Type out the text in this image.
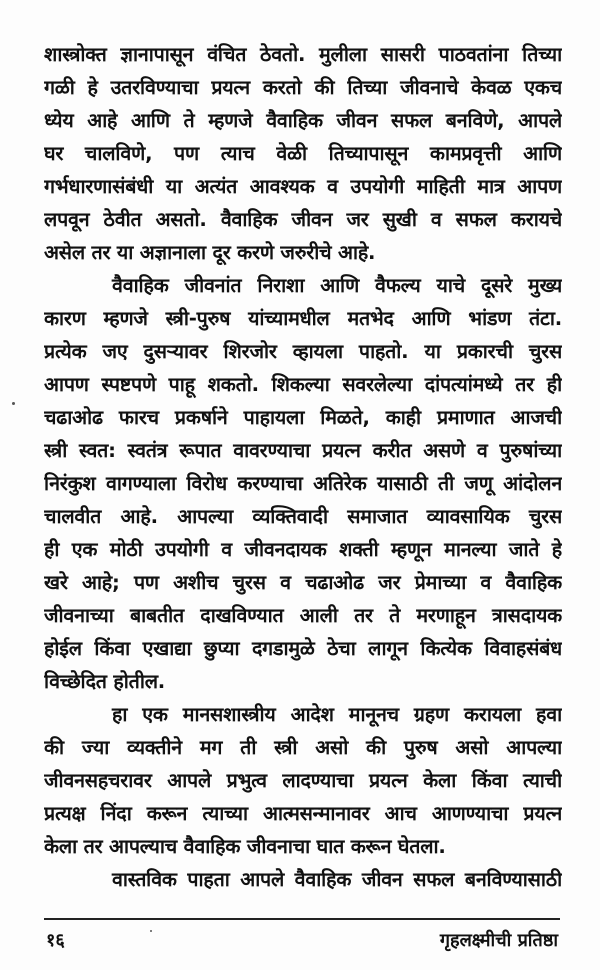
शास्त्रोक्त ज्ञानापासून वंचित ठेवतो. मुलीला सासरी पाठवतांना तिच्या
गळी हे उतरविण्याचा प्रयत्न करतो की तिच्या जीवनाचे केवळ एकच
ध्येय आहे आणि ते म्हणजे वैवाहिक जीवन सफल बनविणे, आपले
घर चालविणे, पण त्याच वेळी तिच्यापासून कामप्रवृत्ती आणि
गर्भधारणासंबंधी या अत्यंत आवश्यक व उपयोगी माहिती मात्र आपण
लपवून ठेवीत असतो. वैवाहिक जीवन जर सुखी व सफल करायचे
असेल तर या अज्ञानाला दूर करणे जरुरीचे आहे.
वैवाहिक जीवनांत निराशा आणि वैफल्य याचे दूसरे मुख्य
कारण म्हणजे स्त्री-पुरुष यांच्यामधील मतभेद आणि भांडण तंटा.
प्रत्येक जए दुसऱ्यावर शिरजोर व्हायला पाहतो. या प्रकारची चुरस
आपण स्पष्टपणे पाहू शकतो. शिकल्या सवरलेल्या दांपत्यांमध्ये तर ही
चढाओढ फारच प्रकर्षाने पाहायला मिळते, काही प्रमाणात आजची
स्त्री स्वत: स्वतंत्र रूपात वावरण्याचा प्रयत्न करीत असणे व पुरुषांच्या
निरंकुश वागण्याला विरोध करण्याचा अतिरेक यासाठी ती जणू आंदोलन
चालवीत आहे. आपल्या व्यक्तिवादी समाजात व्यावसायिक चुरस
ही एक मोठी उपयोगी व जीवनदायक शक्ती म्हणून मानल्या जाते हे
खरे आहे; पण अशीच चुरस व चढाओढ जर प्रेमाच्या व वैवाहिक
जीवनाच्या बाबतीत दाखविण्यात आली तर ते मरणाहून त्रासदायक
होईल किंवा एखाद्या छुप्या दगडामुळे ठेचा लागून कित्येक विवाहसंबंध
विच्छेदित होतील.
हा एक मानसशास्त्रीय आदेश मानूनच ग्रहण करायला हवा
की ज्या व्यक्तीने मग ती स्त्री असो की पुरुष असो आपल्या
जीवनसहचरावर आपले प्रभुत्व लादण्याचा प्रयत्न केला किंवा त्याची
प्रत्यक्ष निंदा करून त्याच्या आत्मसन्मानावर आच आणण्याचा प्रयत्न
केला तर आपल्याच वैवाहिक जीवनाचा घात करून घेतला.
वास्तविक पाहता आपले वैवाहिक जीवन सफल बनविण्यासाठी
१६	गृहलक्ष्मीची प्रतिष्ठा
